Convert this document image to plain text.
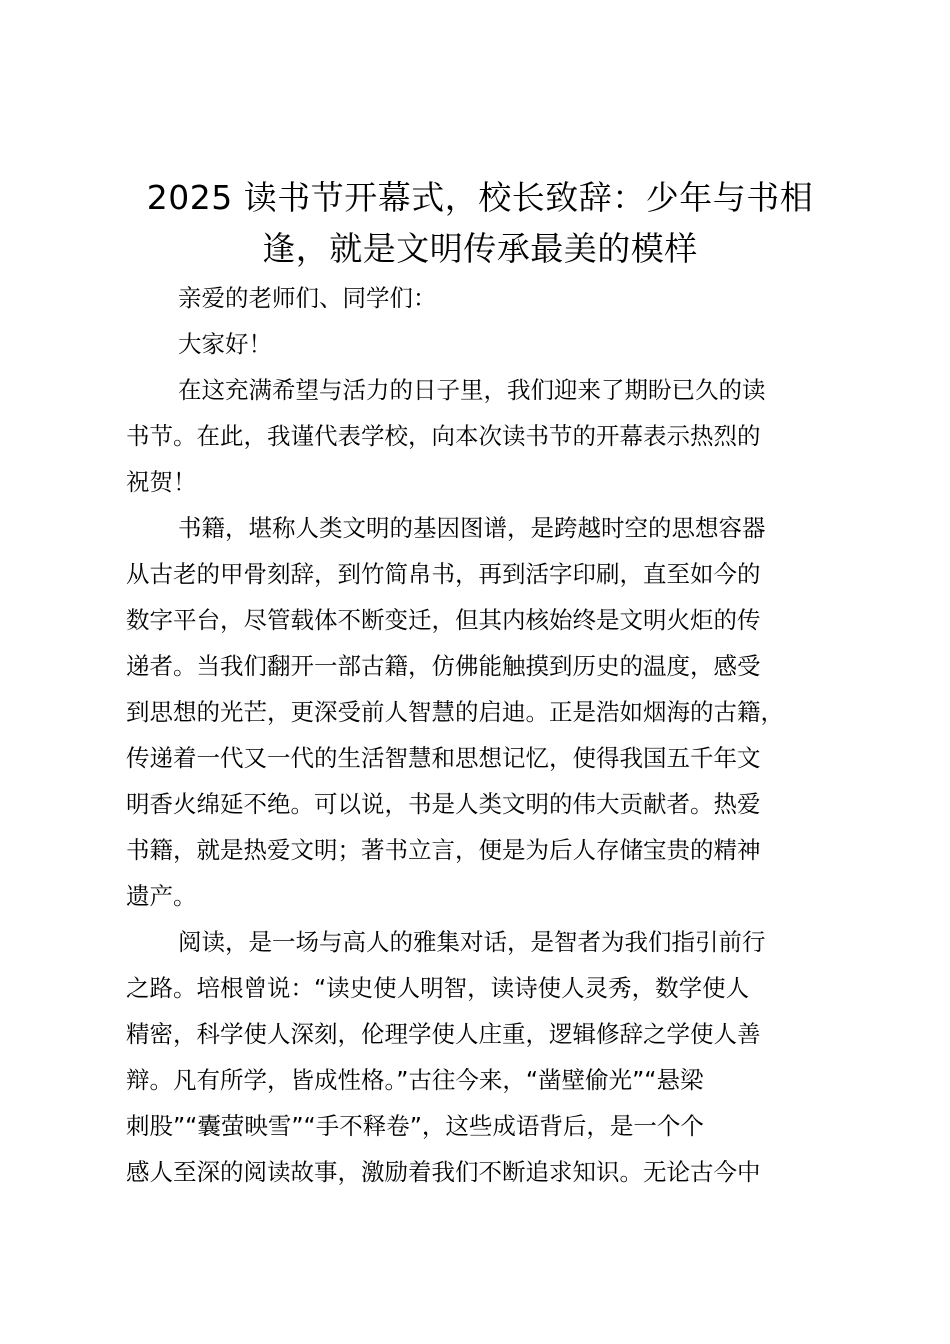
2025 读书节开幕式，校长致辞：少年与书相
逢，就是文明传承最美的模样

亲爱的老师们、同学们：

大家好！

在这充满希望与活力的日子里，我们迎来了期盼已久的读
书节。在此，我谨代表学校，向本次读书节的开幕表示热烈的
祝贺！

书籍，堪称人类文明的基因图谱，是跨越时空的思想容器
从古老的甲骨刻辞，到竹简帛书，再到活字印刷，直至如今的
数字平台，尽管载体不断变迁，但其内核始终是文明火炬的传
递者。当我们翻开一部古籍，仿佛能触摸到历史的温度，感受
到思想的光芒，更深受前人智慧的启迪。正是浩如烟海的古籍，
传递着一代又一代的生活智慧和思想记忆，使得我国五千年文
明香火绵延不绝。可以说，书是人类文明的伟大贡献者。热爱
书籍，就是热爱文明；著书立言，便是为后人存储宝贵的精神
遗产。

阅读，是一场与高人的雅集对话，是智者为我们指引前行
之路。培根曾说：“读史使人明智，读诗使人灵秀，数学使人
精密，科学使人深刻，伦理学使人庄重，逻辑修辞之学使人善
辩。凡有所学，皆成性格。”古往今来，“凿壁偷光”“悬梁
刺股”“囊萤映雪”“手不释卷”，这些成语背后，是一个个
感人至深的阅读故事，激励着我们不断追求知识。无论古今中
